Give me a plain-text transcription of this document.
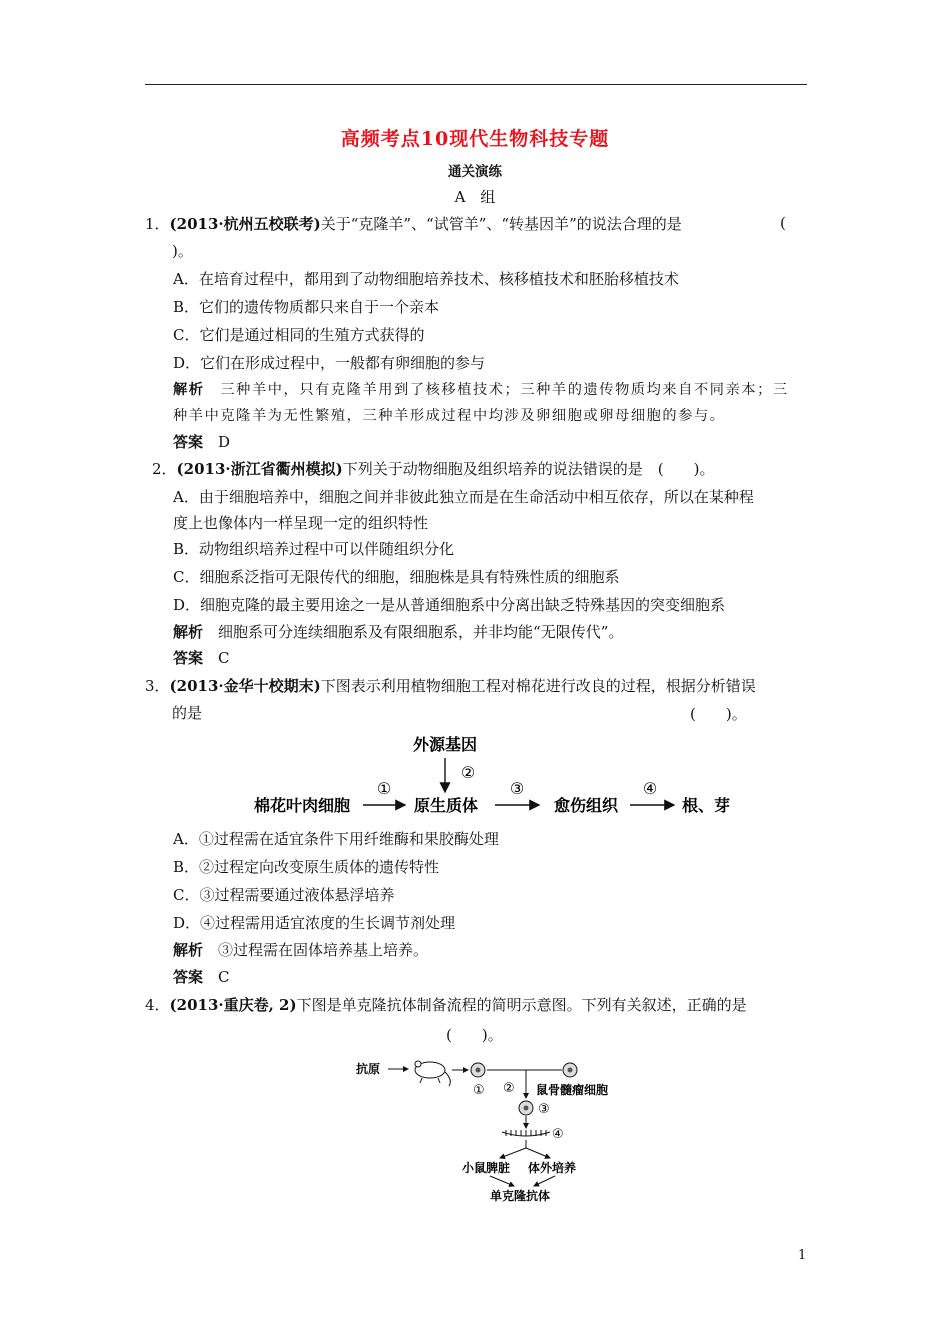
高频考点10现代生物科技专题
通关演练
A　组
1．(2013·杭州五校联考)关于“克隆羊”、“试管羊”、“转基因羊”的说法合理的是	(
)。
A．在培育过程中，都用到了动物细胞培养技术、核移植技术和胚胎移植技术
B．它们的遗传物质都只来自于一个亲本
C．它们是通过相同的生殖方式获得的
D．它们在形成过程中，一般都有卵细胞的参与
解析　 三种羊中，只有克隆羊用到了核移植技术；三种羊的遗传物质均来自不同亲本；三
种羊中克隆羊为无性繁殖，三种羊形成过程中均涉及卵细胞或卵母细胞的参与。
答案　 D
2．(2013·浙江省衢州模拟)下列关于动物细胞及组织培养的说法错误的是　 (　　)。
A．由于细胞培养中，细胞之间并非彼此独立而是在生命活动中相互依存，所以在某种程
度上也像体内一样呈现一定的组织特性
B．动物组织培养过程中可以伴随组织分化
C．细胞系泛指可无限传代的细胞，细胞株是具有特殊性质的细胞系
D．细胞克隆的最主要用途之一是从普通细胞系中分离出缺乏特殊基因的突变细胞系
解析　 细胞系可分连续细胞系及有限细胞系，并非均能“无限传代”。
答案　 C
3．(2013·金华十校期末)下图表示利用植物细胞工程对棉花进行改良的过程，根据分析错误
的是	(　　)。
外源基因
②
棉花叶肉细胞
①
原生质体
③
愈伤组织
④
根、芽
A．①过程需在适宜条件下用纤维酶和果胶酶处理
B．②过程定向改变原生质体的遗传特性
C．③过程需要通过液体悬浮培养
D．④过程需用适宜浓度的生长调节剂处理
解析　 ③过程需在固体培养基上培养。
答案　 C
4．(2013·重庆卷, 2)下图是单克隆抗体制备流程的简明示意图。下列有关叙述，正确的是
(　　)。
抗原
① ② 鼠骨髓瘤细胞
③
④
小鼠脾脏 体外培养
单克隆抗体
1
